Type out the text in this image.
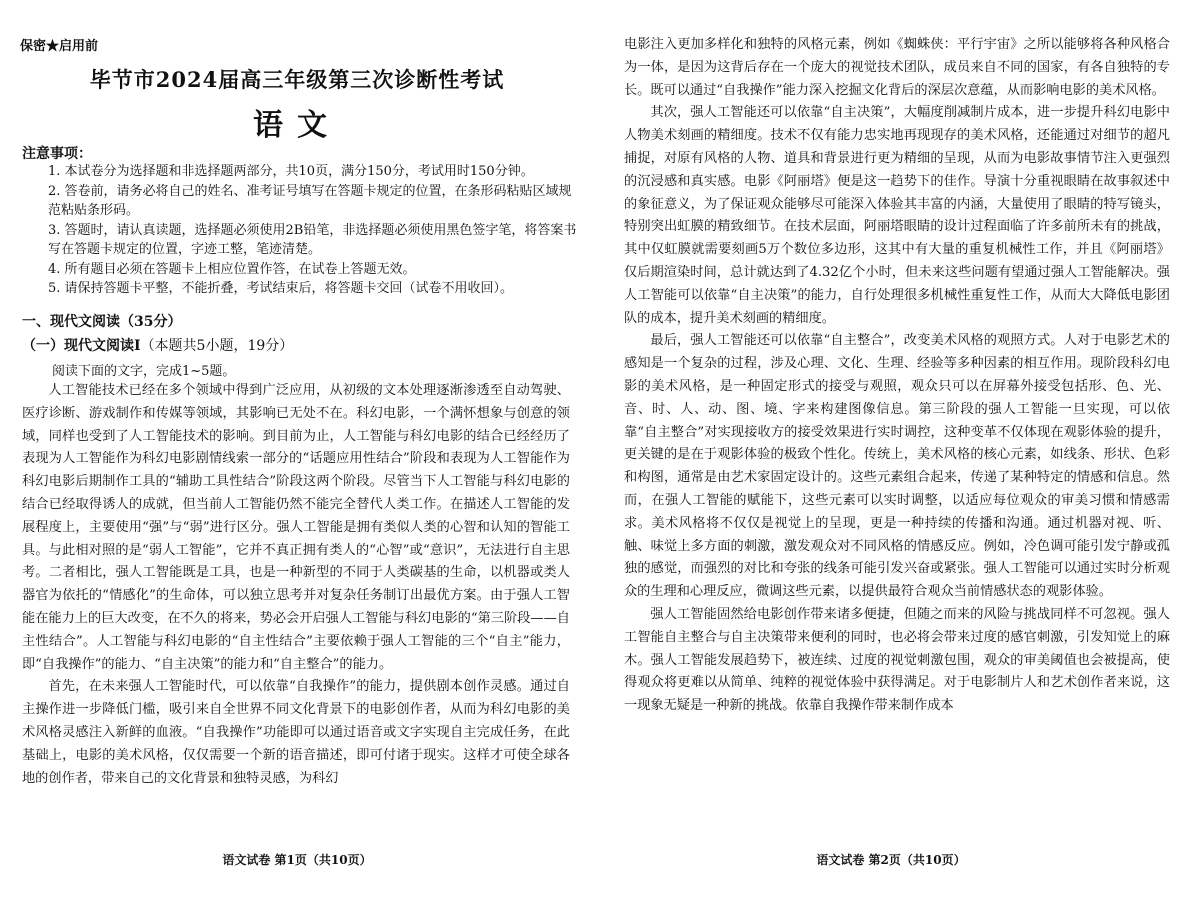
保密★启用前
毕节市2024届高三年级第三次诊断性考试
语文
注意事项：
1. 本试卷分为选择题和非选择题两部分，共10页，满分150分，考试用时150分钟。
2. 答卷前，请务必将自己的姓名、准考证号填写在答题卡规定的位置，在条形码粘贴区域规范粘贴条形码。
3. 答题时，请认真读题，选择题必须使用2B铅笔，非选择题必须使用黑色签字笔，将答案书写在答题卡规定的位置，字迹工整，笔迹清楚。
4. 所有题目必须在答题卡上相应位置作答，在试卷上答题无效。
5. 请保持答题卡平整，不能折叠，考试结束后，将答题卡交回（试卷不用收回）。
一、现代文阅读（35分）
（一）现代文阅读Ⅰ（本题共5小题，19分）
阅读下面的文字，完成1~5题。

人工智能技术已经在多个领域中得到广泛应用，从初级的文本处理逐渐渗透至自动驾驶、医疗诊断、游戏制作和传媒等领域，其影响已无处不在。科幻电影，一个满怀想象与创意的领域，同样也受到了人工智能技术的影响。到目前为止，人工智能与科幻电影的结合已经经历了表现为人工智能作为科幻电影剧情线索一部分的“话题应用性结合”阶段和表现为人工智能作为科幻电影后期制作工具的“辅助工具性结合”阶段这两个阶段。尽管当下人工智能与科幻电影的结合已经取得诱人的成就，但当前人工智能仍然不能完全替代人类工作。在描述人工智能的发展程度上，主要使用“强”与“弱”进行区分。强人工智能是拥有类似人类的心智和认知的智能工具。与此相对照的是“弱人工智能”，它并不真正拥有类人的“心智”或“意识”，无法进行自主思考。二者相比，强人工智能既是工具，也是一种新型的不同于人类碳基的生命，以机器或类人器官为依托的“情感化”的生命体，可以独立思考并对复杂任务制订出最优方案。由于强人工智能在能力上的巨大改变，在不久的将来，势必会开启强人工智能与科幻电影的“第三阶段——自主性结合”。人工智能与科幻电影的“自主性结合”主要依赖于强人工智能的三个“自主”能力，即“自我操作”的能力、“自主决策”的能力和“自主整合”的能力。

首先，在未来强人工智能时代，可以依靠“自我操作”的能力，提供剧本创作灵感。通过自主操作进一步降低门槛，吸引来自全世界不同文化背景下的电影创作者，从而为科幻电影的美术风格灵感注入新鲜的血液。“自我操作”功能即可以通过语音或文字实现自主完成任务，在此基础上，电影的美术风格，仅仅需要一个新的语音描述，即可付诸于现实。这样才可使全球各地的创作者，带来自己的文化背景和独特灵感，为科幻

语文试卷 第1页（共10页）

电影注入更加多样化和独特的风格元素，例如《蜘蛛侠：平行宇宙》之所以能够将各种风格合为一体，是因为这背后存在一个庞大的视觉技术团队，成员来自不同的国家，有各自独特的专长。既可以通过“自我操作”能力深入挖掘文化背后的深层次意蕴，从而影响电影的美术风格。

其次，强人工智能还可以依靠“自主决策”，大幅度削减制片成本，进一步提升科幻电影中人物美术刻画的精细度。技术不仅有能力忠实地再现现存的美术风格，还能通过对细节的超凡捕捉，对原有风格的人物、道具和背景进行更为精细的呈现，从而为电影故事情节注入更强烈的沉浸感和真实感。电影《阿丽塔》便是这一趋势下的佳作。导演十分重视眼睛在故事叙述中的象征意义，为了保证观众能够尽可能深入体验其丰富的内涵，大量使用了眼睛的特写镜头，特别突出虹膜的精致细节。在技术层面，阿丽塔眼睛的设计过程面临了许多前所未有的挑战，其中仅虹膜就需要刻画5万个数位多边形，这其中有大量的重复机械性工作，并且《阿丽塔》仅后期渲染时间，总计就达到了4.32亿个小时，但未来这些问题有望通过强人工智能解决。强人工智能可以依靠“自主决策”的能力，自行处理很多机械性重复性工作，从而大大降低电影团队的成本，提升美术刻画的精细度。

最后，强人工智能还可以依靠“自主整合”，改变美术风格的观照方式。人对于电影艺术的感知是一个复杂的过程，涉及心理、文化、生理、经验等多种因素的相互作用。现阶段科幻电影的美术风格，是一种固定形式的接受与观照，观众只可以在屏幕外接受包括形、色、光、音、时、人、动、图、境、字来构建图像信息。第三阶段的强人工智能一旦实现，可以依靠“自主整合”对实现接收方的接受效果进行实时调控，这种变革不仅体现在观影体验的提升，更关键的是在于观影体验的极致个性化。传统上，美术风格的核心元素，如线条、形状、色彩和构图，通常是由艺术家固定设计的。这些元素组合起来，传递了某种特定的情感和信息。然而，在强人工智能的赋能下，这些元素可以实时调整，以适应每位观众的审美习惯和情感需求。美术风格将不仅仅是视觉上的呈现，更是一种持续的传播和沟通。通过机器对视、听、触、味觉上多方面的刺激，激发观众对不同风格的情感反应。例如，冷色调可能引发宁静或孤独的感觉，而强烈的对比和夸张的线条可能引发兴奋或紧张。强人工智能可以通过实时分析观众的生理和心理反应，微调这些元素，以提供最符合观众当前情感状态的观影体验。

强人工智能固然给电影创作带来诸多便捷，但随之而来的风险与挑战同样不可忽视。强人工智能自主整合与自主决策带来便利的同时，也必将会带来过度的感官刺激，引发知觉上的麻木。强人工智能发展趋势下，被连续、过度的视觉刺激包围，观众的审美阈值也会被提高，使得观众将更难以从简单、纯粹的视觉体验中获得满足。对于电影制片人和艺术创作者来说，这一现象无疑是一种新的挑战。依靠自我操作带来制作成本

语文试卷 第2页（共10页）
